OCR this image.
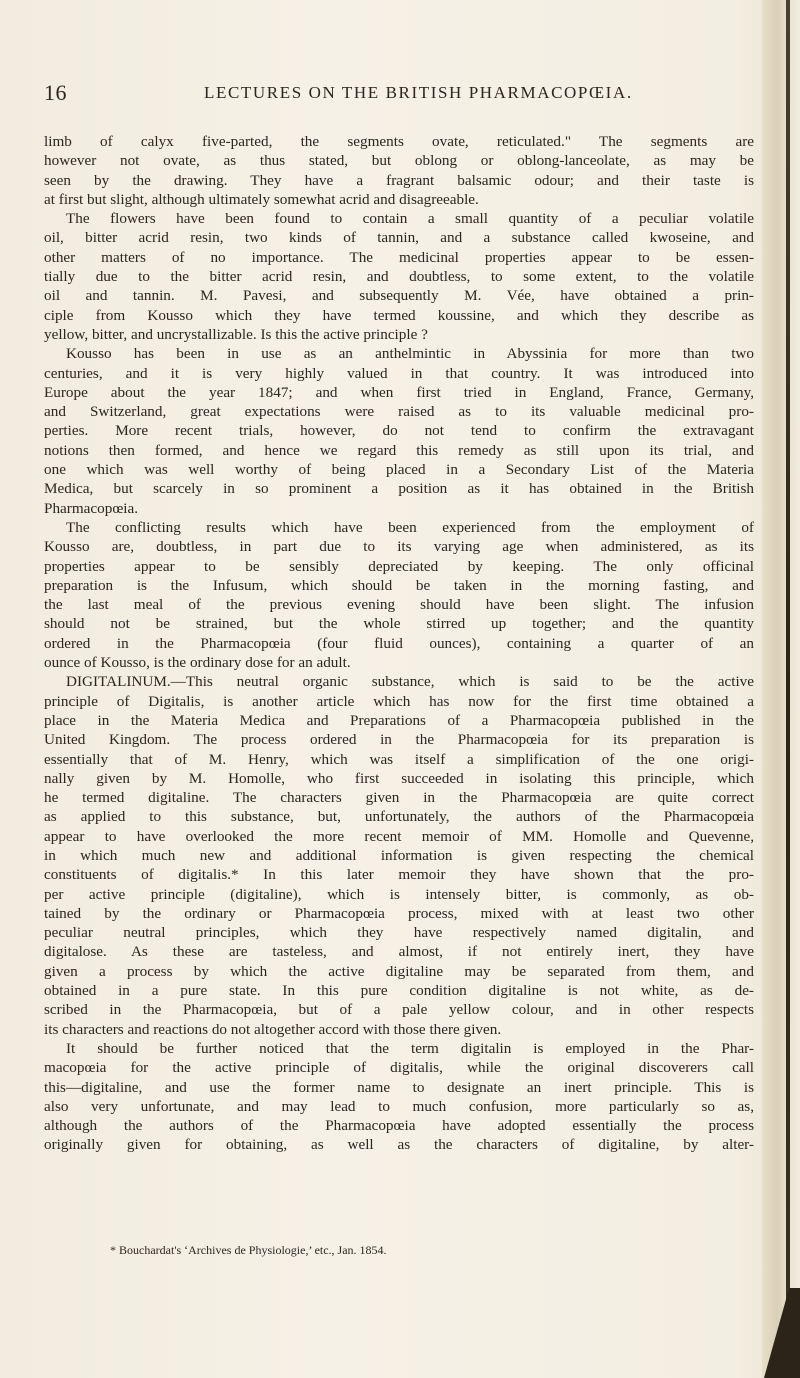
16	LECTURES ON THE BRITISH PHARMACOPŒIA.
limb of calyx five-parted, the segments ovate, reticulated." The segments are
however not ovate, as thus stated, but oblong or oblong-lanceolate, as may be
seen by the drawing. They have a fragrant balsamic odour; and their taste is
at first but slight, although ultimately somewhat acrid and disagreeable.
The flowers have been found to contain a small quantity of a peculiar volatile
oil, bitter acrid resin, two kinds of tannin, and a substance called kwoseine, and
other matters of no importance. The medicinal properties appear to be essen-
tially due to the bitter acrid resin, and doubtless, to some extent, to the volatile
oil and tannin. M. Pavesi, and subsequently M. Vée, have obtained a prin-
ciple from Kousso which they have termed koussine, and which they describe as
yellow, bitter, and uncrystallizable. Is this the active principle ?
Kousso has been in use as an anthelmintic in Abyssinia for more than two
centuries, and it is very highly valued in that country. It was introduced into
Europe about the year 1847; and when first tried in England, France, Germany,
and Switzerland, great expectations were raised as to its valuable medicinal pro-
perties. More recent trials, however, do not tend to confirm the extravagant
notions then formed, and hence we regard this remedy as still upon its trial, and
one which was well worthy of being placed in a Secondary List of the Materia
Medica, but scarcely in so prominent a position as it has obtained in the British
Pharmacopœia.
The conflicting results which have been experienced from the employment of
Kousso are, doubtless, in part due to its varying age when administered, as its
properties appear to be sensibly depreciated by keeping. The only officinal
preparation is the Infusum, which should be taken in the morning fasting, and
the last meal of the previous evening should have been slight. The infusion
should not be strained, but the whole stirred up together; and the quantity
ordered in the Pharmacopœia (four fluid ounces), containing a quarter of an
ounce of Kousso, is the ordinary dose for an adult.
DIGITALINUM.—This neutral organic substance, which is said to be the active
principle of Digitalis, is another article which has now for the first time obtained a
place in the Materia Medica and Preparations of a Pharmacopœia published in the
United Kingdom. The process ordered in the Pharmacopœia for its preparation is
essentially that of M. Henry, which was itself a simplification of the one origi-
nally given by M. Homolle, who first succeeded in isolating this principle, which
he termed digitaline. The characters given in the Pharmacopœia are quite correct
as applied to this substance, but, unfortunately, the authors of the Pharmacopœia
appear to have overlooked the more recent memoir of MM. Homolle and Quevenne,
in which much new and additional information is given respecting the chemical
constituents of digitalis.* In this later memoir they have shown that the pro-
per active principle (digitaline), which is intensely bitter, is commonly, as ob-
tained by the ordinary or Pharmacopœia process, mixed with at least two other
peculiar neutral principles, which they have respectively named digitalin, and
digitalose. As these are tasteless, and almost, if not entirely inert, they have
given a process by which the active digitaline may be separated from them, and
obtained in a pure state. In this pure condition digitaline is not white, as de-
scribed in the Pharmacopœia, but of a pale yellow colour, and in other respects
its characters and reactions do not altogether accord with those there given.
It should be further noticed that the term digitalin is employed in the Phar-
macopœia for the active principle of digitalis, while the original discoverers call
this—digitaline, and use the former name to designate an inert principle. This is
also very unfortunate, and may lead to much confusion, more particularly so as,
although the authors of the Pharmacopœia have adopted essentially the process
originally given for obtaining, as well as the characters of digitaline, by alter-
* Bouchardat's ‘Archives de Physiologie,’ etc., Jan. 1854.
